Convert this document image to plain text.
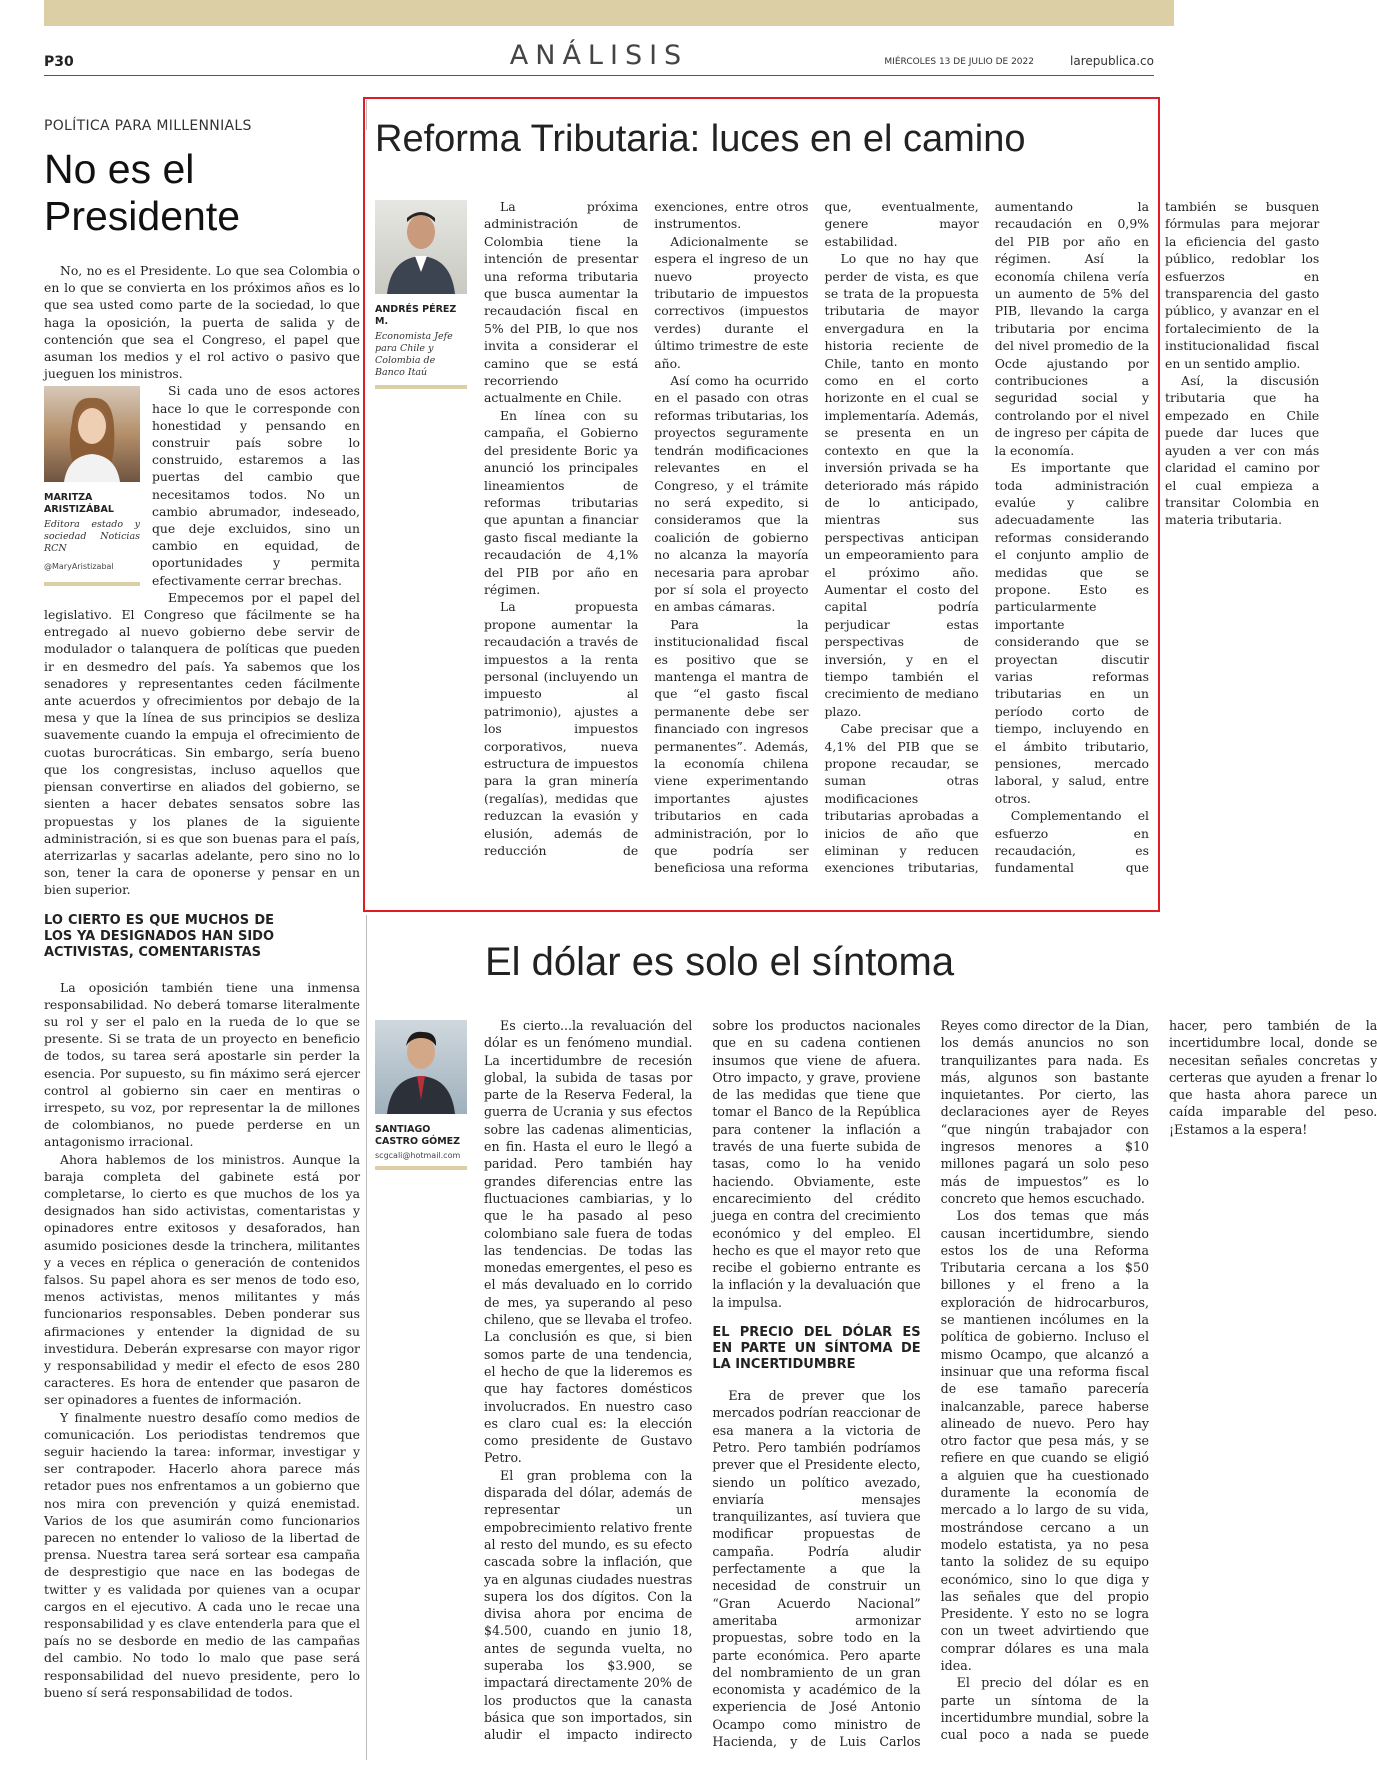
P30	ANÁLISIS	MIÉRCOLES 13 DE JULIO DE 2022	larepublica.co
POLÍTICA PARA MILLENNIALS
No es el Presidente

No, no es el Presidente. Lo que sea Colombia o en lo que se convierta en los próximos años es lo que sea usted como parte de la sociedad, lo que haga la oposición, la puerta de salida y de contención que sea el Congreso, el papel que asuman los medios y el rol activo o pasivo que jueguen los ministros.

MARITZA ARISTIZÁBAL
Editora estado y sociedad Noticias RCN
@MaryAristizabal

Si cada uno de esos actores hace lo que le corresponde con honestidad y pensando en construir país sobre lo construido, estaremos a las puertas del cambio que necesitamos todos. No un cambio abrumador, indeseado, que deje excluidos, sino un cambio en equidad, de oportunidades y permita efectivamente cerrar brechas.

Empecemos por el papel del legislativo. El Congreso que fácilmente se ha entregado al nuevo gobierno debe servir de modulador o talanquera de políticas que pueden ir en desmedro del país. Ya sabemos que los senadores y representantes ceden fácilmente ante acuerdos y ofrecimientos por debajo de la mesa y que la línea de sus principios se desliza suavemente cuando la empuja el ofrecimiento de cuotas burocráticas. Sin embargo, sería bueno que los congresistas, incluso aquellos que piensan convertirse en aliados del gobierno, se sienten a hacer debates sensatos sobre las propuestas y los planes de la siguiente administración, si es que son buenas para el país, aterrizarlas y sacarlas adelante, pero sino no lo son, tener la cara de oponerse y pensar en un bien superior.

LO CIERTO ES QUE MUCHOS DE LOS YA DESIGNADOS HAN SIDO ACTIVISTAS, COMENTARISTAS

La oposición también tiene una inmensa responsabilidad. No deberá tomarse literalmente su rol y ser el palo en la rueda de lo que se presente. Si se trata de un proyecto en beneficio de todos, su tarea será apostarle sin perder la esencia. Por supuesto, su fin máximo será ejercer control al gobierno sin caer en mentiras o irrespeto, su voz, por representar la de millones de colombianos, no puede perderse en un antagonismo irracional.

Ahora hablemos de los ministros. Aunque la baraja completa del gabinete está por completarse, lo cierto es que muchos de los ya designados han sido activistas, comentaristas y opinadores entre exitosos y desaforados, han asumido posiciones desde la trinchera, militantes y a veces en réplica o generación de contenidos falsos. Su papel ahora es ser menos de todo eso, menos activistas, menos militantes y más funcionarios responsables. Deben ponderar sus afirmaciones y entender la dignidad de su investidura. Deberán expresarse con mayor rigor y responsabilidad y medir el efecto de esos 280 caracteres. Es hora de entender que pasaron de ser opinadores a fuentes de información.

Y finalmente nuestro desafío como medios de comunicación. Los periodistas tendremos que seguir haciendo la tarea: informar, investigar y ser contrapoder. Hacerlo ahora parece más retador pues nos enfrentamos a un gobierno que nos mira con prevención y quizá enemistad. Varios de los que asumirán como funcionarios parecen no entender lo valioso de la libertad de prensa. Nuestra tarea será sortear esa campaña de desprestigio que nace en las bodegas de twitter y es validada por quienes van a ocupar cargos en el ejecutivo. A cada uno le recae una responsabilidad y es clave entenderla para que el país no se desborde en medio de las campañas del cambio. No todo lo malo que pase será responsabilidad del nuevo presidente, pero lo bueno sí será responsabilidad de todos.

Reforma Tributaria: luces en el camino
ANDRÉS PÉREZ M.
Economista Jefe para Chile y Colombia de Banco Itaú

La próxima administración de Colombia tiene la intención de presentar una reforma tributaria que busca aumentar la recaudación fiscal en 5% del PIB, lo que nos invita a considerar el camino que se está recorriendo actualmente en Chile.

En línea con su campaña, el Gobierno del presidente Boric ya anunció los principales lineamientos de reformas tributarias que apuntan a financiar gasto fiscal mediante la recaudación de 4,1% del PIB por año en régimen.

La propuesta propone aumentar la recaudación a través de impuestos a la renta personal (incluyendo un impuesto al patrimonio), ajustes a los impuestos corporativos, nueva estructura de impuestos para la gran minería (regalías), medidas que reduzcan la evasión y elusión, además de reducción de exenciones, entre otros instrumentos.

Adicionalmente se espera el ingreso de un nuevo proyecto tributario de impuestos correctivos (impuestos verdes) durante el último trimestre de este año.

Así como ha ocurrido en el pasado con otras reformas tributarias, los proyectos seguramente tendrán modificaciones relevantes en el Congreso, y el trámite no será expedito, si consideramos que la coalición de gobierno no alcanza la mayoría necesaria para aprobar por sí sola el proyecto en ambas cámaras.

Para la institucionalidad fiscal es positivo que se mantenga el mantra de que “el gasto fiscal permanente debe ser financiado con ingresos permanentes”. Además, la economía chilena viene experimentando importantes ajustes tributarios en cada administración, por lo que podría ser beneficiosa una reforma que, eventualmente, genere mayor estabilidad.

Lo que no hay que perder de vista, es que se trata de la propuesta tributaria de mayor envergadura en la historia reciente de Chile, tanto en monto como en el corto horizonte en el cual se implementaría. Además, se presenta en un contexto en que la inversión privada se ha deteriorado más rápido de lo anticipado, mientras sus perspectivas anticipan un empeoramiento para el próximo año. Aumentar el costo del capital podría perjudicar estas perspectivas de inversión, y en el tiempo también el crecimiento de mediano plazo.

Cabe precisar que a 4,1% del PIB que se propone recaudar, se suman otras modificaciones tributarias aprobadas a inicios de año que eliminan y reducen exenciones tributarias, aumentando la recaudación en 0,9% del PIB por año en régimen. Así la economía chilena vería un aumento de 5% del PIB, llevando la carga tributaria por encima del nivel promedio de la Ocde ajustando por contribuciones a seguridad social y controlando por el nivel de ingreso per cápita de la economía.

Es importante que toda administración evalúe y calibre adecuadamente las reformas considerando el conjunto amplio de medidas que se propone. Esto es particularmente importante considerando que se proyectan discutir varias reformas tributarias en un período corto de tiempo, incluyendo en el ámbito tributario, pensiones, mercado laboral, y salud, entre otros.

Complementando el esfuerzo en recaudación, es fundamental que también se busquen fórmulas para mejorar la eficiencia del gasto público, redoblar los esfuerzos en transparencia del gasto público, y avanzar en el fortalecimiento de la institucionalidad fiscal en un sentido amplio.

Así, la discusión tributaria que ha empezado en Chile puede dar luces que ayuden a ver con más claridad el camino por el cual empieza a transitar Colombia en materia tributaria.

El dólar es solo el síntoma
SANTIAGO CASTRO GÓMEZ
scgcali@hotmail.com

Es cierto...la revaluación del dólar es un fenómeno mundial. La incertidumbre de recesión global, la subida de tasas por parte de la Reserva Federal, la guerra de Ucrania y sus efectos sobre las cadenas alimenticias, en fin. Hasta el euro le llegó a paridad. Pero también hay grandes diferencias entre las fluctuaciones cambiarias, y lo que le ha pasado al peso colombiano sale fuera de todas las tendencias. De todas las monedas emergentes, el peso es el más devaluado en lo corrido de mes, ya superando al peso chileno, que se llevaba el trofeo. La conclusión es que, si bien somos parte de una tendencia, el hecho de que la lideremos es que hay factores domésticos involucrados. En nuestro caso es claro cual es: la elección como presidente de Gustavo Petro.

El gran problema con la disparada del dólar, además de representar un empobrecimiento relativo frente al resto del mundo, es su efecto cascada sobre la inflación, que ya en algunas ciudades nuestras supera los dos dígitos. Con la divisa ahora por encima de $4.500, cuando en junio 18, antes de segunda vuelta, no superaba los $3.900, se impactará directamente 20% de los productos que la canasta básica que son importados, sin aludir el impacto indirecto sobre los productos nacionales que en su cadena contienen insumos que viene de afuera. Otro impacto, y grave, proviene de las medidas que tiene que tomar el Banco de la República para contener la inflación a través de una fuerte subida de tasas, como lo ha venido haciendo. Obviamente, este encarecimiento del crédito juega en contra del crecimiento económico y del empleo. El hecho es que el mayor reto que recibe el gobierno entrante es la inflación y la devaluación que la impulsa.

EL PRECIO DEL DÓLAR ES EN PARTE UN SÍNTOMA DE LA INCERTIDUMBRE

Era de prever que los mercados podrían reaccionar de esa manera a la victoria de Petro. Pero también podríamos prever que el Presidente electo, siendo un político avezado, enviaría mensajes tranquilizantes, así tuviera que modificar propuestas de campaña. Podría aludir perfectamente a que la necesidad de construir un “Gran Acuerdo Nacional” ameritaba armonizar propuestas, sobre todo en la parte económica. Pero aparte del nombramiento de un gran economista y académico de la experiencia de José Antonio Ocampo como ministro de Hacienda, y de Luis Carlos Reyes como director de la Dian, los demás anuncios no son tranquilizantes para nada. Es más, algunos son bastante inquietantes. Por cierto, las declaraciones ayer de Reyes “que ningún trabajador con ingresos menores a $10 millones pagará un solo peso más de impuestos” es lo concreto que hemos escuchado.

Los dos temas que más causan incertidumbre, siendo estos los de una Reforma Tributaria cercana a los $50 billones y el freno a la exploración de hidrocarburos, se mantienen incólumes en la política de gobierno. Incluso el mismo Ocampo, que alcanzó a insinuar que una reforma fiscal de ese tamaño parecería inalcanzable, parece haberse alineado de nuevo. Pero hay otro factor que pesa más, y se refiere en que cuando se eligió a alguien que ha cuestionado duramente la economía de mercado a lo largo de su vida, mostrándose cercano a un modelo estatista, ya no pesa tanto la solidez de su equipo económico, sino lo que diga y las señales que del propio Presidente. Y esto no se logra con un tweet advirtiendo que comprar dólares es una mala idea.

El precio del dólar es en parte un síntoma de la incertidumbre mundial, sobre la cual poco a nada se puede hacer, pero también de la incertidumbre local, donde se necesitan señales concretas y certeras que ayuden a frenar lo que hasta ahora parece un caída imparable del peso. ¡Estamos a la espera!
